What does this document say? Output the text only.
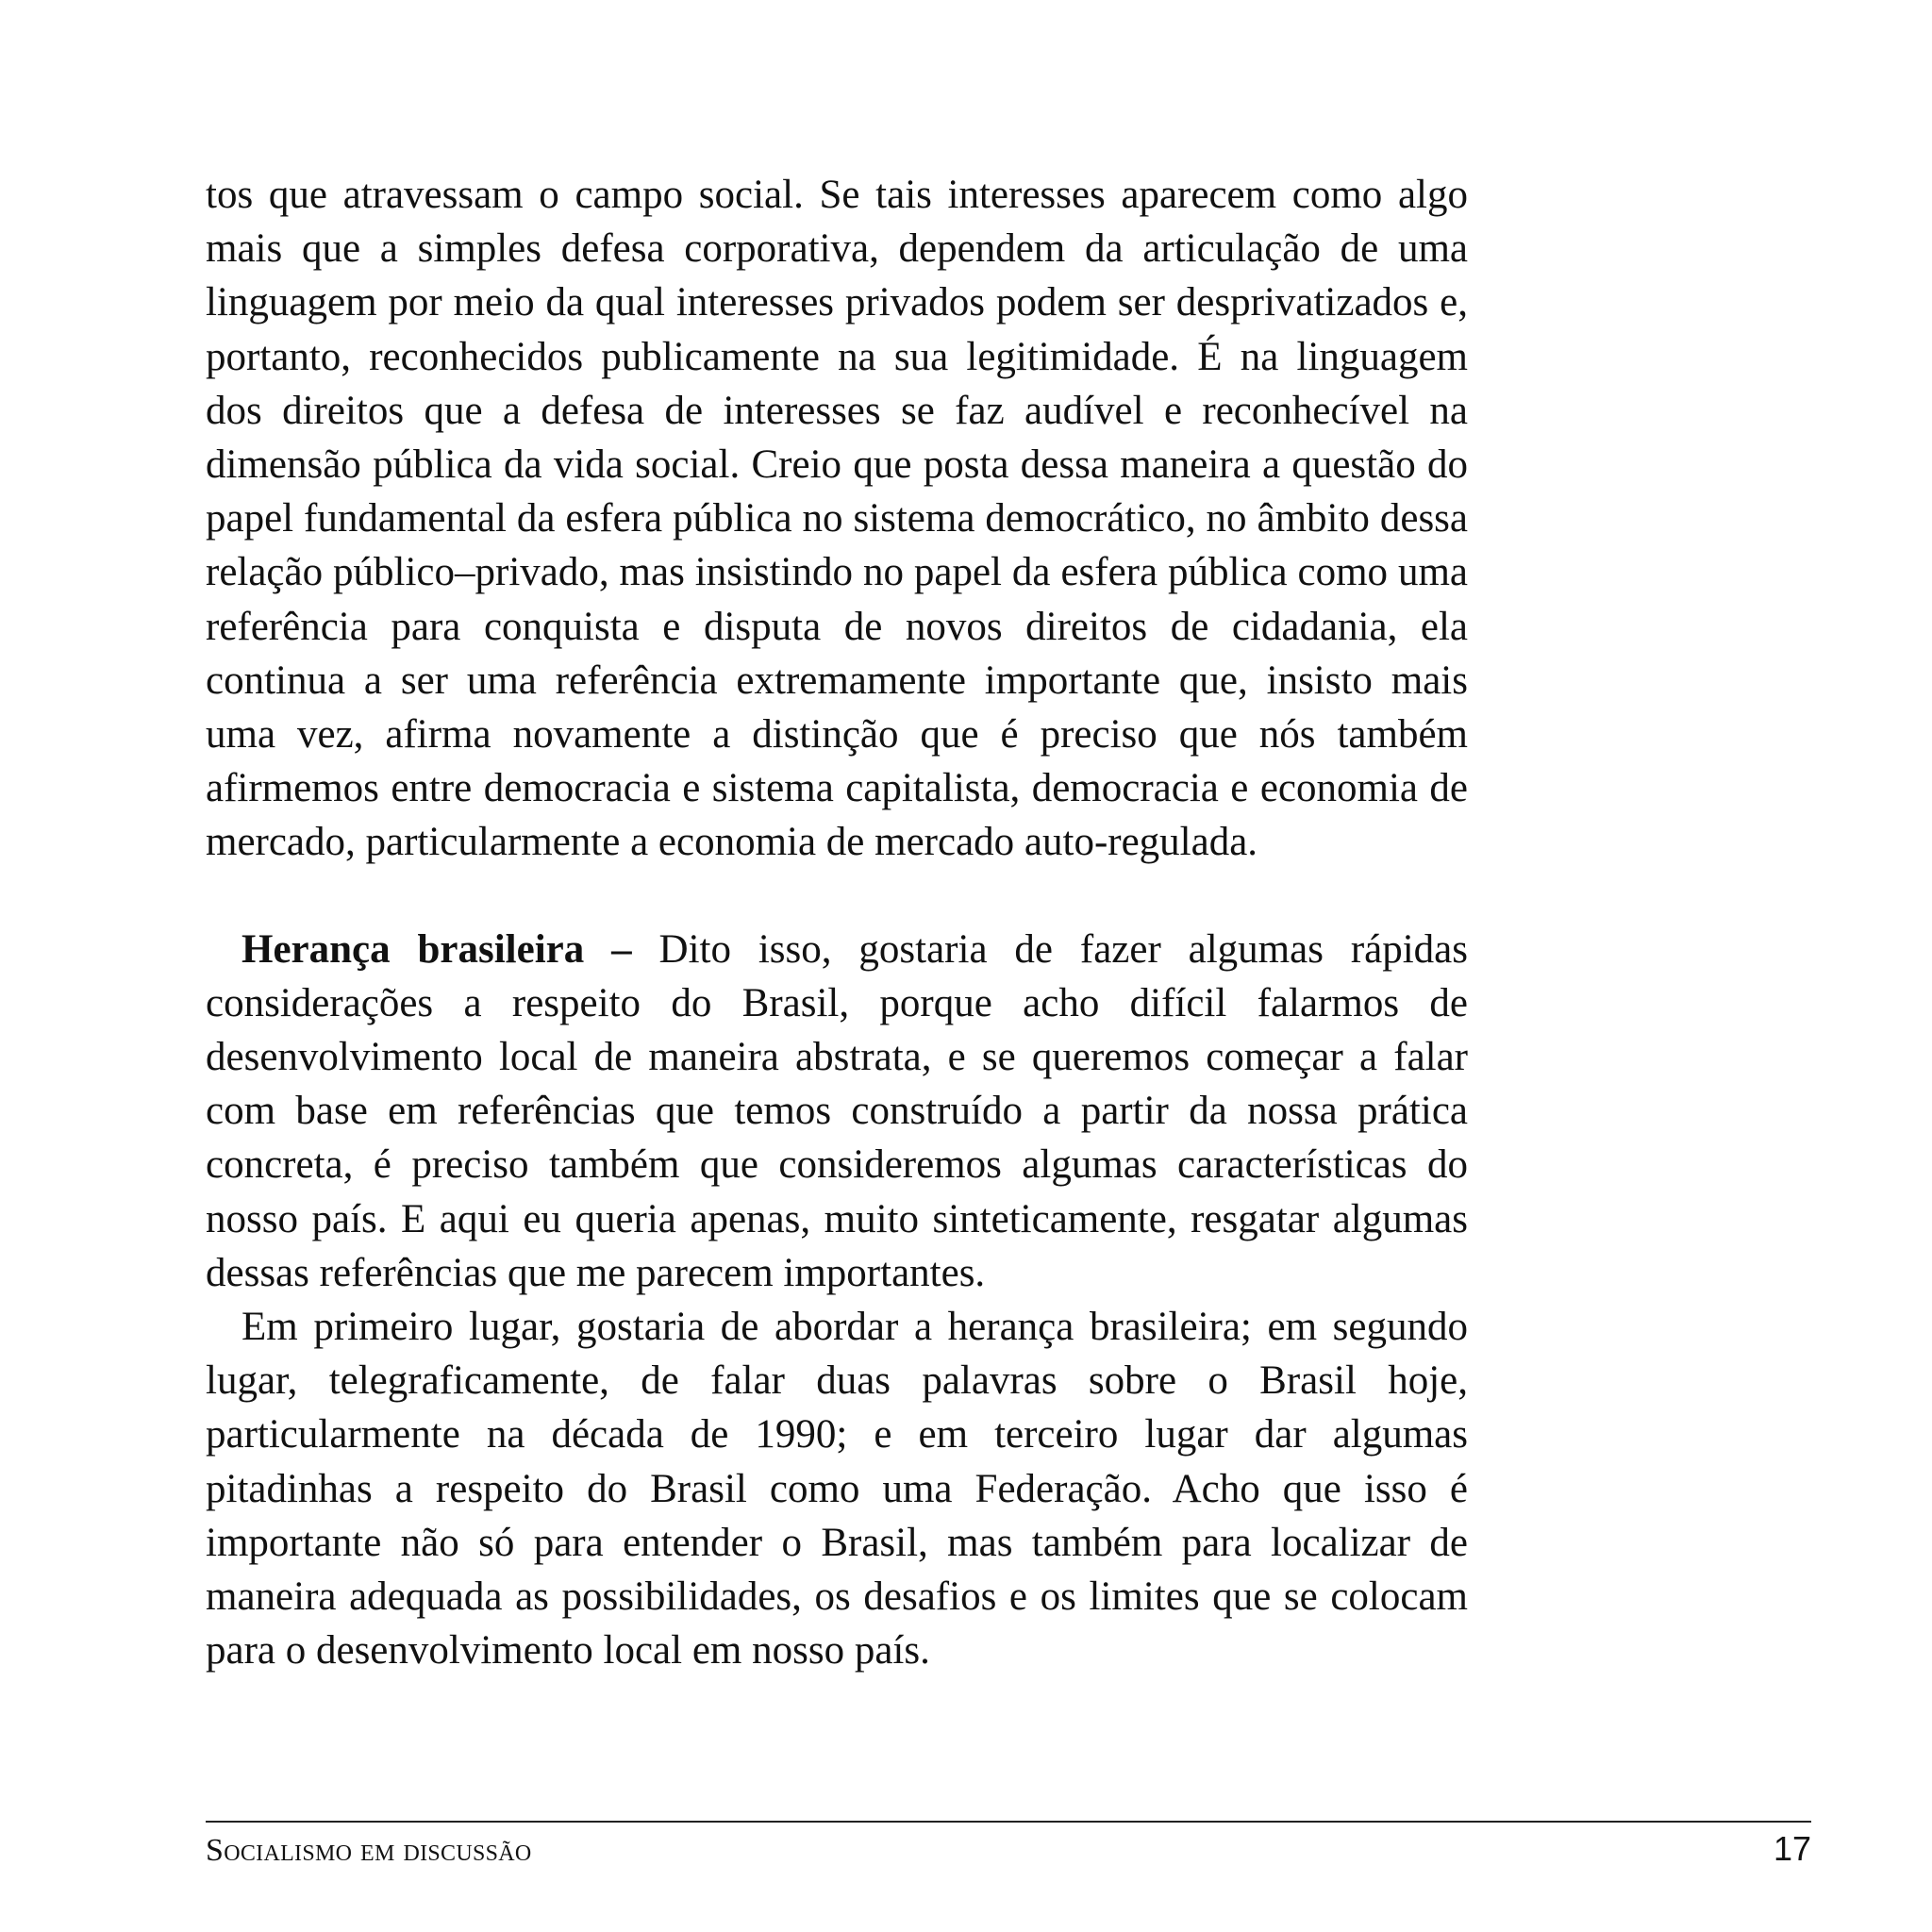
tos que atravessam o campo social. Se tais interesses aparecem como algo mais que a simples defesa corporativa, dependem da articulação de uma linguagem por meio da qual interesses privados podem ser desprivatizados e, portanto, reconhecidos publicamente na sua legitimidade. É na linguagem dos direitos que a defesa de interesses se faz audível e reconhecível na dimensão pública da vida social. Creio que posta dessa maneira a questão do papel fundamental da esfera pública no sistema democrático, no âmbito dessa relação público–privado, mas insistindo no papel da esfera pública como uma referência para conquista e disputa de novos direitos de cidadania, ela continua a ser uma referência extremamente importante que, insisto mais uma vez, afirma novamente a distinção que é preciso que nós também afirmemos entre democracia e sistema capitalista, democracia e economia de mercado, particularmente a economia de mercado auto-regulada.

Herança brasileira – Dito isso, gostaria de fazer algumas rápidas considerações a respeito do Brasil, porque acho difícil falarmos de desenvolvimento local de maneira abstrata, e se queremos começar a falar com base em referências que temos construído a partir da nossa prática concreta, é preciso também que consideremos algumas características do nosso país. E aqui eu queria apenas, muito sinteticamente, resgatar algumas dessas referências que me parecem importantes.

Em primeiro lugar, gostaria de abordar a herança brasileira; em segundo lugar, telegraficamente, de falar duas palavras sobre o Brasil hoje, particularmente na década de 1990; e em terceiro lugar dar algumas pitadinhas a respeito do Brasil como uma Federação. Acho que isso é importante não só para entender o Brasil, mas também para localizar de maneira adequada as possibilidades, os desafios e os limites que se colocam para o desenvolvimento local em nosso país.

Socialismo em discussão	17
